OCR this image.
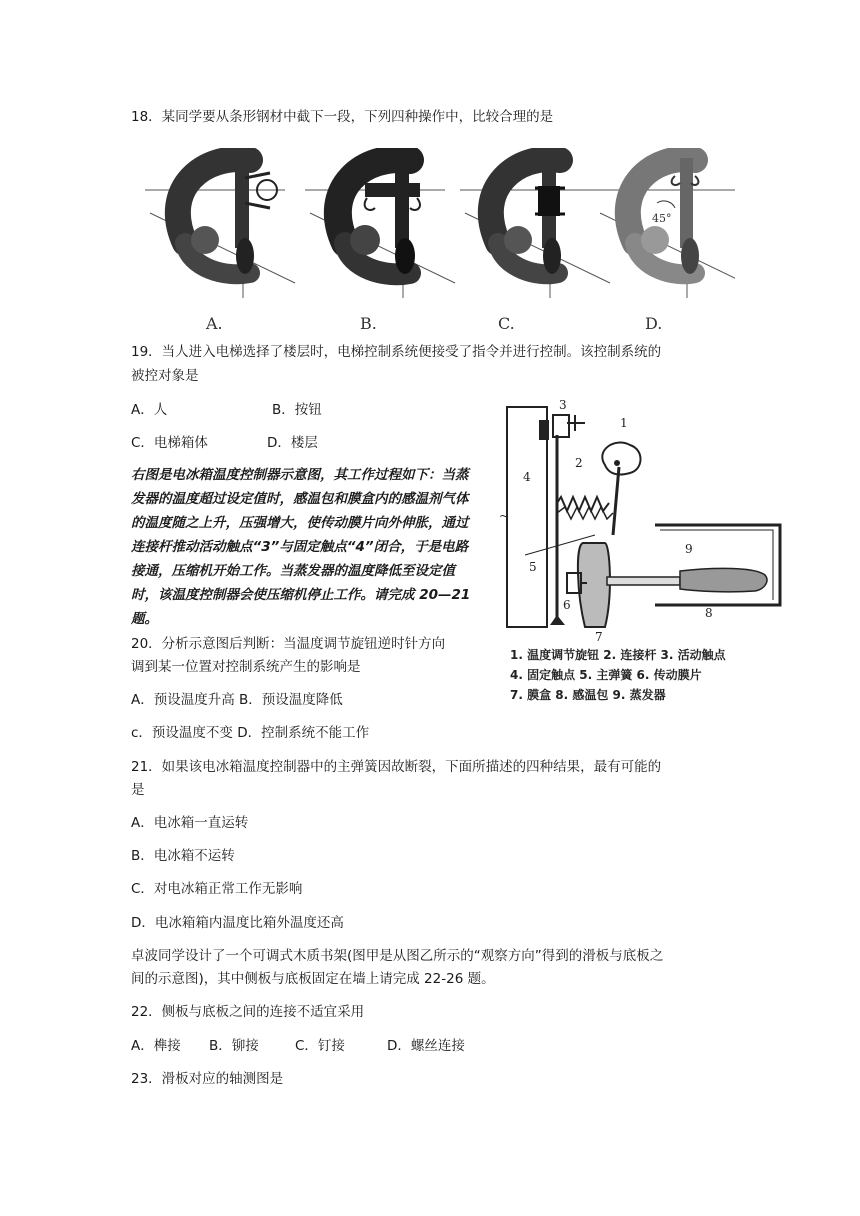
18．某同学要从条形钢材中截下一段，下列四种操作中，比较合理的是
45°
A.	B.	C.	D.
19．当人进入电梯选择了楼层时，电梯控制系统便接受了指令并进行控制。该控制系统的
被控对象是
A．人	B．按钮
C．电梯箱体	D．楼层
右图是电冰箱温度控制器示意图，其工作过程如下：当蒸发器的温度超过设定值时，感温包和膜盒内的感温剂气体的温度随之上升，压强增大，使传动膜片向外伸胀，通过连接杆推动活动触点“3”与固定触点“4”闭合，于是电路接通，压缩机开始工作。当蒸发器的温度降低至设定值时，该温度控制器会使压缩机停止工作。请完成 20—21 题。
~
3
1
2
4
9
5
6
8
7
1. 温度调节旋钮 2. 连接杆 3. 活动触点
4. 固定触点 5. 主弹簧 6. 传动膜片
7. 膜盒 8. 感温包 9. 蒸发器
20．分析示意图后判断：当温度调节旋钮逆时针方向
调到某一位置对控制系统产生的影响是
A．预设温度升高 B．预设温度降低
c．预设温度不变 D．控制系统不能工作
21．如果该电冰箱温度控制器中的主弹簧因故断裂，下面所描述的四种结果，最有可能的
是
A．电冰箱一直运转
B．电冰箱不运转
C．对电冰箱正常工作无影响
D．电冰箱箱内温度比箱外温度还高
卓波同学设计了一个可调式木质书架(图甲是从图乙所示的“观察方向”得到的滑板与底板之
间的示意图)，其中侧板与底板固定在墙上请完成 22-26 题。
22．侧板与底板之间的连接不适宜采用
A．榫接 B．铆接	C．钉接	D．螺丝连接
23．滑板对应的轴测图是
